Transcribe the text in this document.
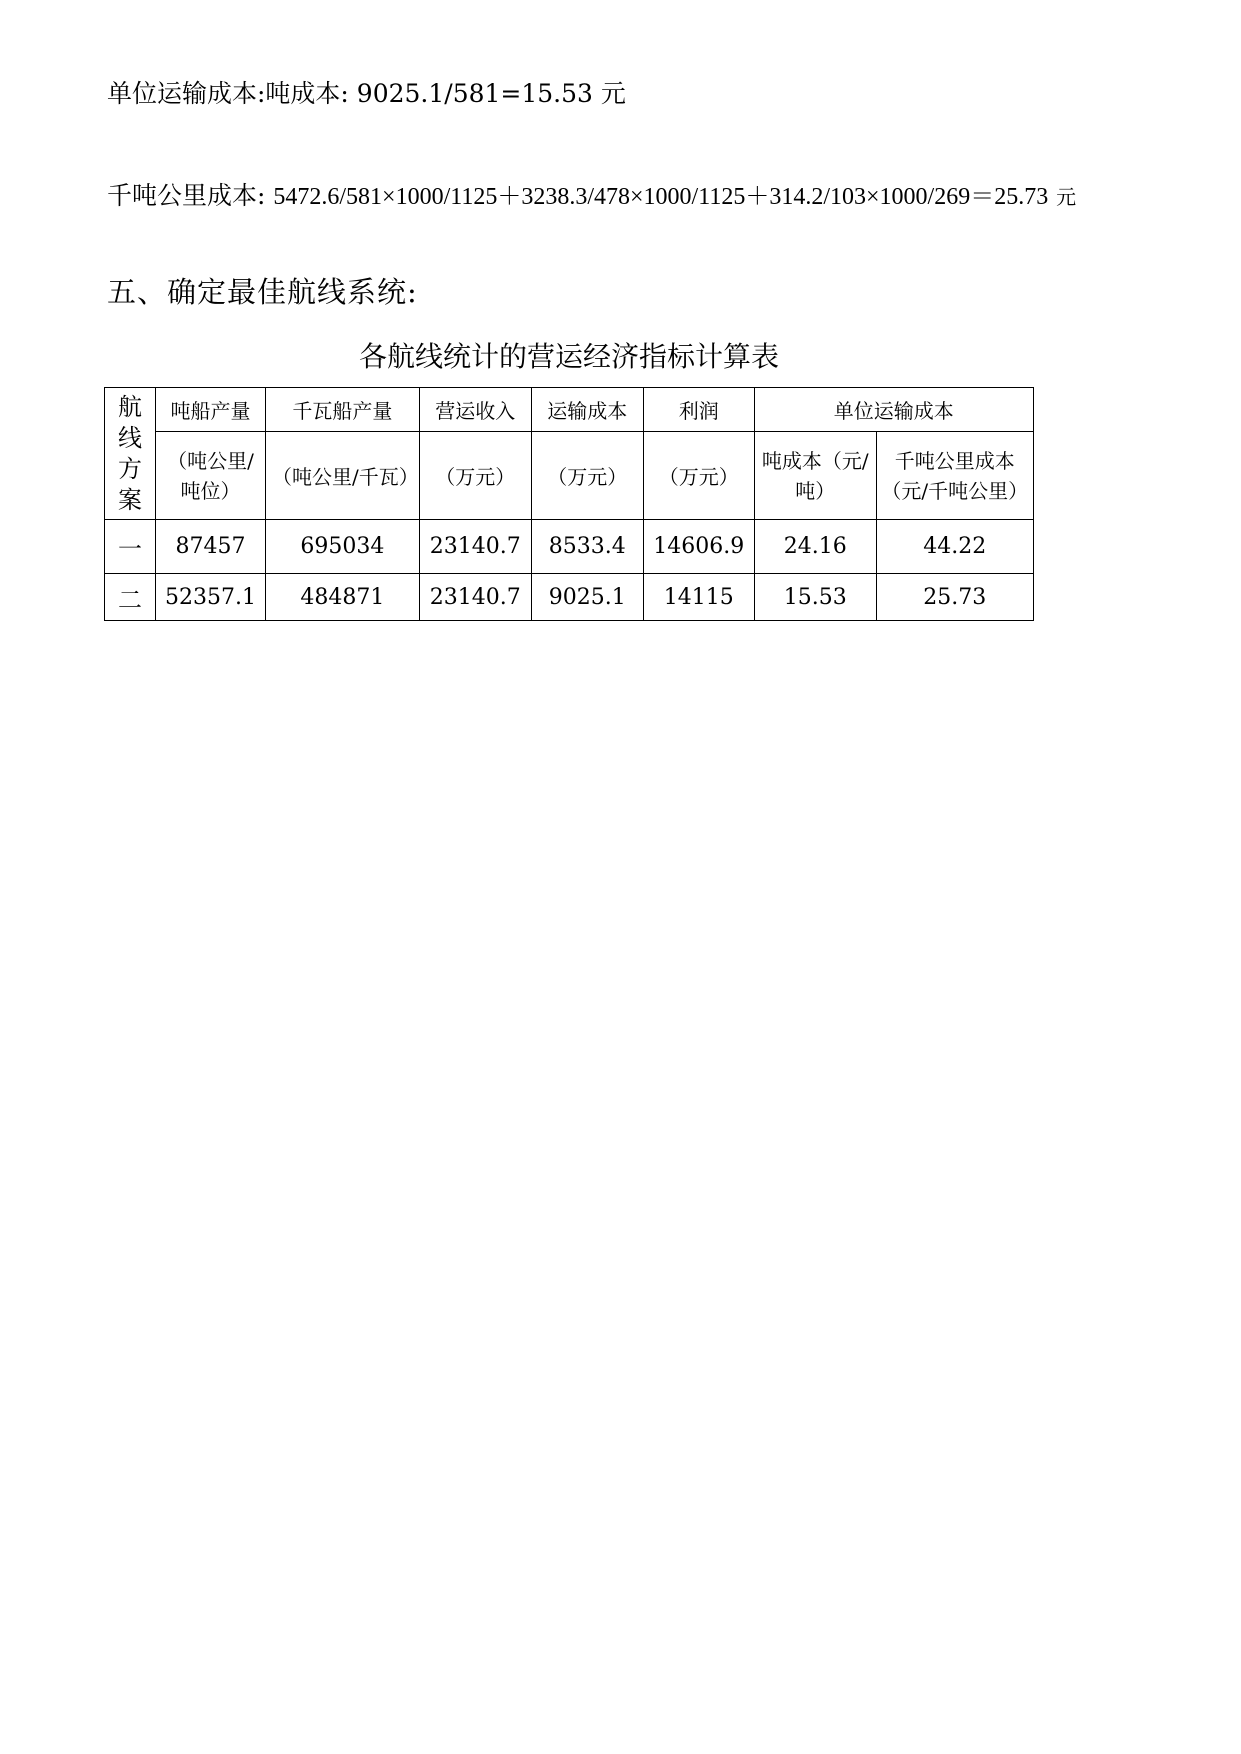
单位运输成本:吨成本: 9025.1/581=15.53 元
千吨公里成本: 5472.6/581×1000/1125＋3238.3/478×1000/1125＋314.2/103×1000/269＝25.73 元
五、确定最佳航线系统:
各航线统计的营运经济指标计算表
航线方案	吨船产量	千瓦船产量	营运收入	运输成本	利润	单位运输成本	

	（吨公里/吨位）	（吨公里/千瓦）	（万元）	（万元）	（万元）	吨成本（元/吨）	千吨公里成本（元/千吨公里）

一	87457	695034	23140.7	8533.4	14606.9	24.16	44.22
二	52357.1	484871	23140.7	9025.1	14115	15.53	25.73
